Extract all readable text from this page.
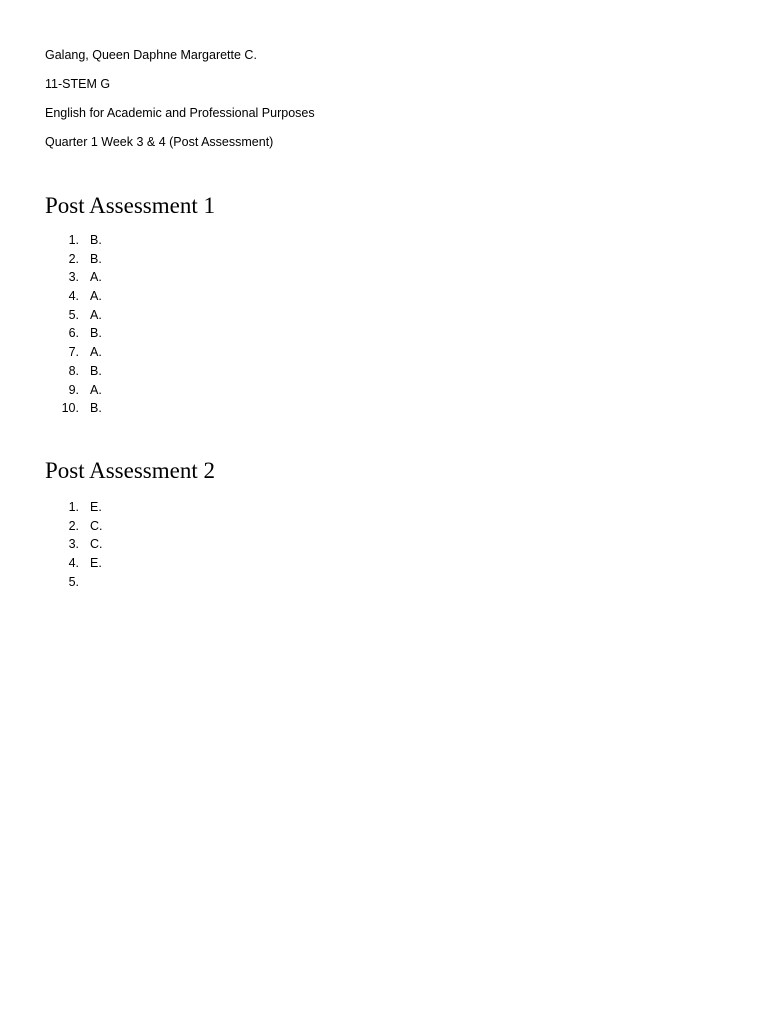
Galang, Queen Daphne Margarette C.
11-STEM G
English for Academic and Professional Purposes
Quarter 1 Week 3 & 4 (Post Assessment)
Post Assessment 1
1. B.
2. B.
3. A.
4. A.
5. A.
6. B.
7. A.
8. B.
9. A.
10. B.
Post Assessment 2
1. E.
2. C.
3. C.
4. E.
5.
